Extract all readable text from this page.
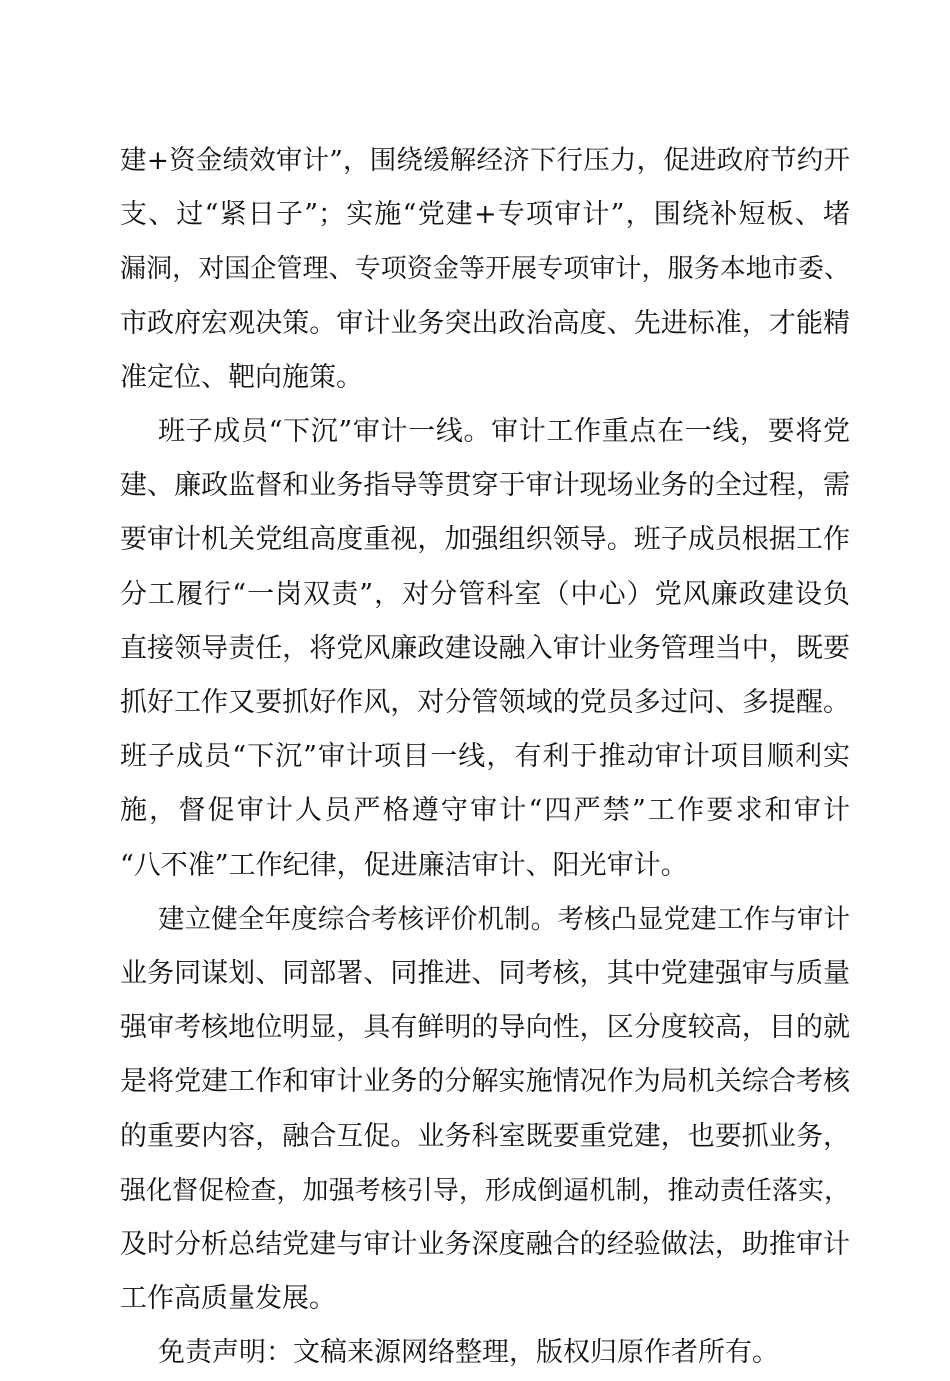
建+资金绩效审计”，围绕缓解经济下行压力，促进政府节约开
支、过“紧日子”；实施“党建+专项审计”，围绕补短板、堵
漏洞，对国企管理、专项资金等开展专项审计，服务本地市委、
市政府宏观决策。审计业务突出政治高度、先进标准，才能精
准定位、靶向施策。
班子成员“下沉”审计一线。审计工作重点在一线，要将党
建、廉政监督和业务指导等贯穿于审计现场业务的全过程，需
要审计机关党组高度重视，加强组织领导。班子成员根据工作
分工履行“一岗双责”，对分管科室（中心）党风廉政建设负
直接领导责任，将党风廉政建设融入审计业务管理当中，既要
抓好工作又要抓好作风，对分管领域的党员多过问、多提醒。
班子成员“下沉”审计项目一线，有利于推动审计项目顺利实
施，督促审计人员严格遵守审计“四严禁”工作要求和审计
“八不准”工作纪律，促进廉洁审计、阳光审计。
建立健全年度综合考核评价机制。考核凸显党建工作与审计
业务同谋划、同部署、同推进、同考核，其中党建强审与质量
强审考核地位明显，具有鲜明的导向性，区分度较高，目的就
是将党建工作和审计业务的分解实施情况作为局机关综合考核
的重要内容，融合互促。业务科室既要重党建，也要抓业务，
强化督促检查，加强考核引导，形成倒逼机制，推动责任落实，
及时分析总结党建与审计业务深度融合的经验做法，助推审计
工作高质量发展。
免责声明：文稿来源网络整理，版权归原作者所有。
